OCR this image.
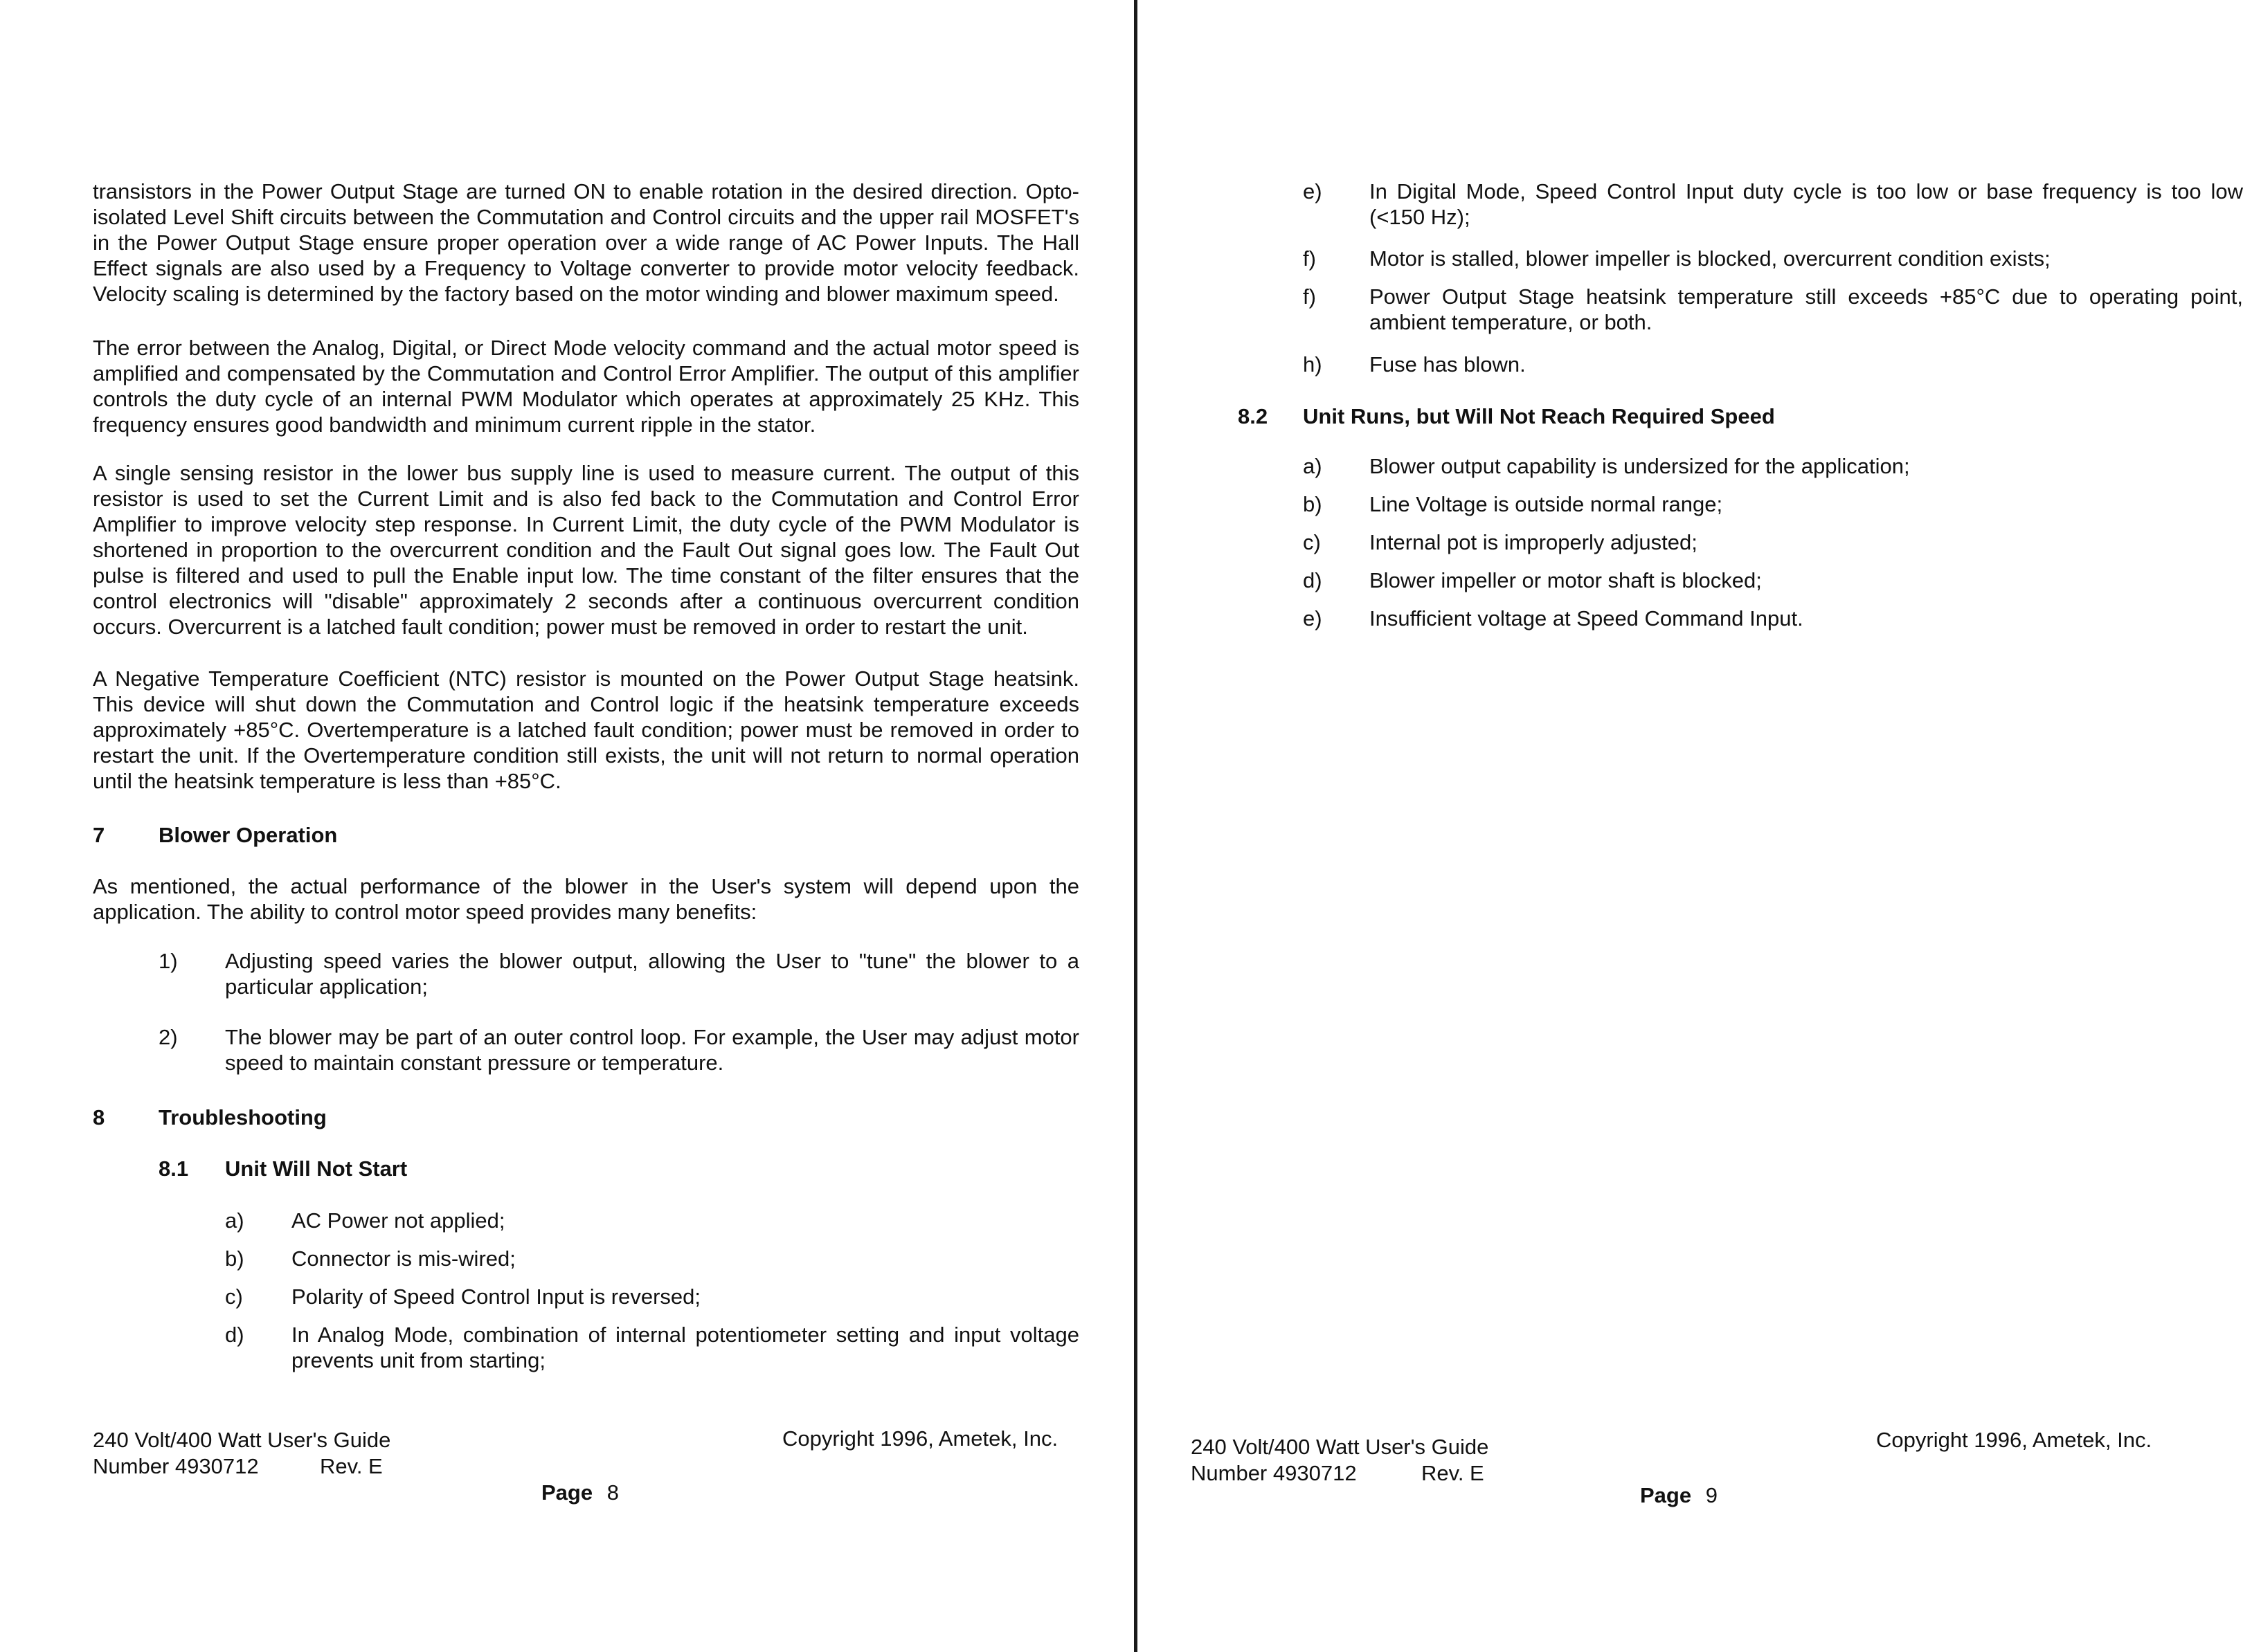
transistors in the Power Output Stage are turned ON to enable rotation in the desired direction. Opto-isolated Level Shift circuits between the Commutation and Control circuits and the upper rail MOSFET's in the Power Output Stage ensure proper operation over a wide range of AC Power Inputs. The Hall Effect signals are also used by a Frequency to Voltage converter to provide motor velocity feedback. Velocity scaling is determined by the factory based on the motor winding and blower maximum speed.

The error between the Analog, Digital, or Direct Mode velocity command and the actual motor speed is amplified and compensated by the Commutation and Control Error Amplifier. The output of this amplifier controls the duty cycle of an internal PWM Modulator which operates at approximately 25 KHz. This frequency ensures good bandwidth and minimum current ripple in the stator.

A single sensing resistor in the lower bus supply line is used to measure current. The output of this resistor is used to set the Current Limit and is also fed back to the Commutation and Control Error Amplifier to improve velocity step response. In Current Limit, the duty cycle of the PWM Modulator is shortened in proportion to the overcurrent condition and the Fault Out signal goes low. The Fault Out pulse is filtered and used to pull the Enable input low. The time constant of the filter ensures that the control electronics will "disable" approximately 2 seconds after a continuous overcurrent condition occurs. Overcurrent is a latched fault condition; power must be removed in order to restart the unit.

A Negative Temperature Coefficient (NTC) resistor is mounted on the Power Output Stage heatsink. This device will shut down the Commutation and Control logic if the heatsink temperature exceeds approximately +85°C. Overtemperature is a latched fault condition; power must be removed in order to restart the unit. If the Overtemperature condition still exists, the unit will not return to normal operation until the heatsink temperature is less than +85°C.

7	Blower Operation

As mentioned, the actual performance of the blower in the User's system will depend upon the application. The ability to control motor speed provides many benefits:

1) Adjusting speed varies the blower output, allowing the User to "tune" the blower to a particular application;
2) The blower may be part of an outer control loop. For example, the User may adjust motor speed to maintain constant pressure or temperature.
8	Troubleshooting
8.1 Unit Will Not Start
a) AC Power not applied;
b) Connector is mis-wired;
c) Polarity of Speed Control Input is reversed;
d) In Analog Mode, combination of internal potentiometer setting and input voltage prevents unit from starting;
240 Volt/400 Watt User's Guide
Number 4930712	Rev. E
Copyright 1996, Ametek, Inc.
Page 8
e) In Digital Mode, Speed Control Input duty cycle is too low or base frequency is too low (<150 Hz);
f) Motor is stalled, blower impeller is blocked, overcurrent condition exists;
f) Power Output Stage heatsink temperature still exceeds +85°C due to operating point, ambient temperature, or both.
h) Fuse has blown.
8.2 Unit Runs, but Will Not Reach Required Speed
a) Blower output capability is undersized for the application;
b) Line Voltage is outside normal range;
c) Internal pot is improperly adjusted;
d) Blower impeller or motor shaft is blocked;
e) Insufficient voltage at Speed Command Input.
240 Volt/400 Watt User's Guide
Number 4930712	Rev. E
Copyright 1996, Ametek, Inc.
Page 9
